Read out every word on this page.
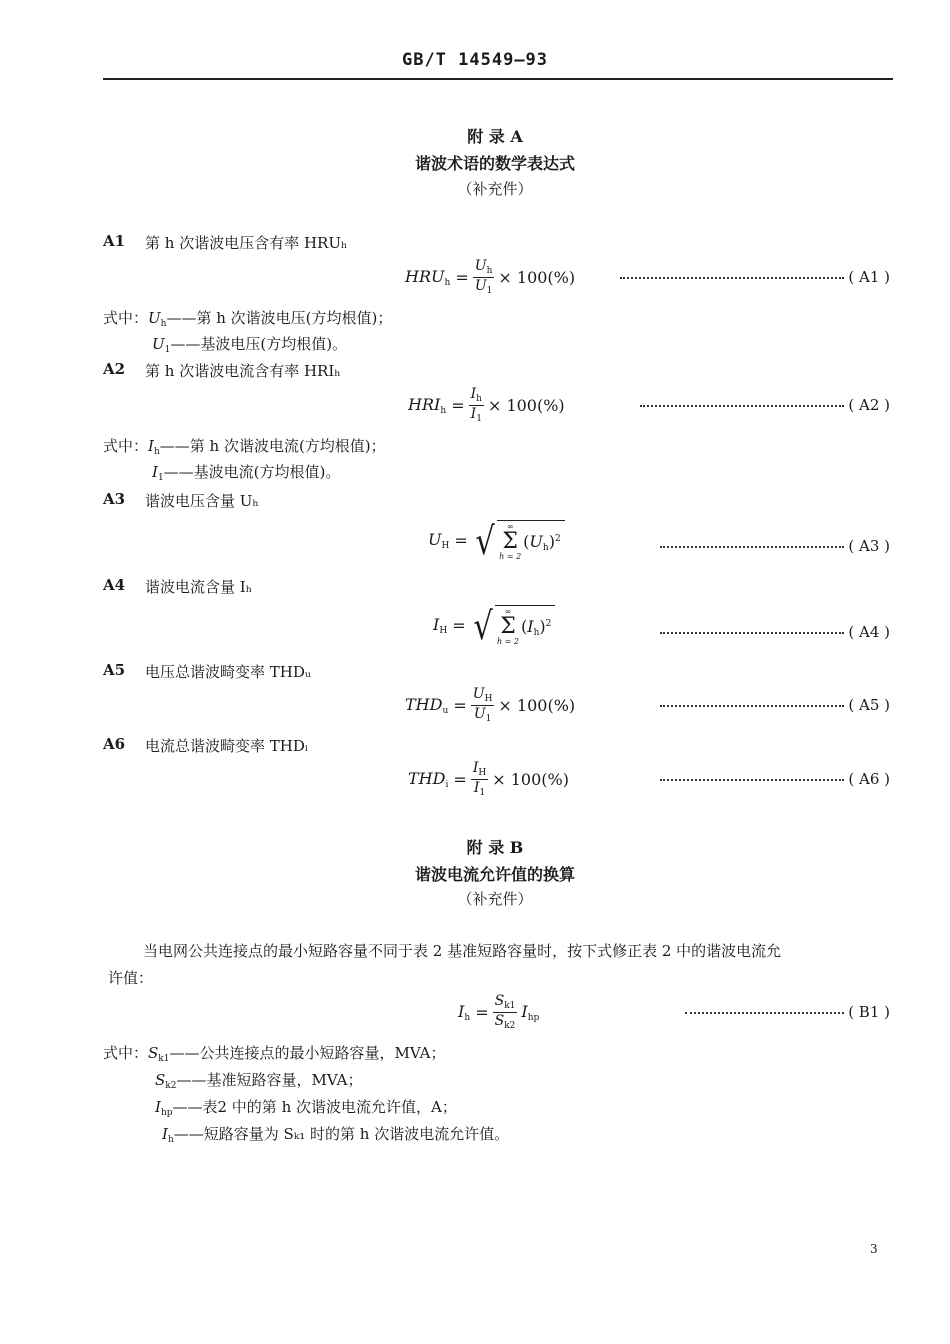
GB/T 14549—93
附 录 A
谐波术语的数学表达式
（补充件）
A1 第 h 次谐波电压含有率 HRUₕ
$HRU_h = \frac{U_h}{U_1} \times 100(\%)$	( A1 )
式中：$U_h——$第 h 次谐波电压(方均根值)；
$U_1——$基波电压(方均根值)。
A2 第 h 次谐波电流含有率 HRIₕ
$HRI_h = \frac{I_h}{I_1} \times 100(\%)$	( A2 )
式中：$I_h——$第 h 次谐波电流(方均根值)；
$I_1——$基波电流(方均根值)。
A3 谐波电压含量 Uₕ
$U_H$ = √ ∞
Σ
h = 2
$(U_h)^2$	( A3 )
A4 谐波电流含量 Iₕ
$I_H$ = √ ∞
Σ
h = 2
$(I_h)^2$	( A4 )
A5 电压总谐波畸变率 THDᵤ
$THD_u = \frac{U_H}{U_1} \times 100(\%)$	( A5 )
A6 电流总谐波畸变率 THDᵢ
$THD_i = \frac{I_H}{I_1} \times 100(\%)$	( A6 )
附 录 B
谐波电流允许值的换算
（补充件）
当电网公共连接点的最小短路容量不同于表 2 基准短路容量时，按下式修正表 2 中的谐波电流允
许值：
$I_h = \frac{S_{k1}}{S_{k2}} I_{hp}$	( B1 )
式中：$S_{k1}——$公共连接点的最小短路容量，MVA；
$S_{k2}——$基准短路容量，MVA；
$I_{hp}——$表2 中的第 h 次谐波电流允许值，A；
$I_h——$短路容量为 Sₖ₁ 时的第 h 次谐波电流允许值。
3
